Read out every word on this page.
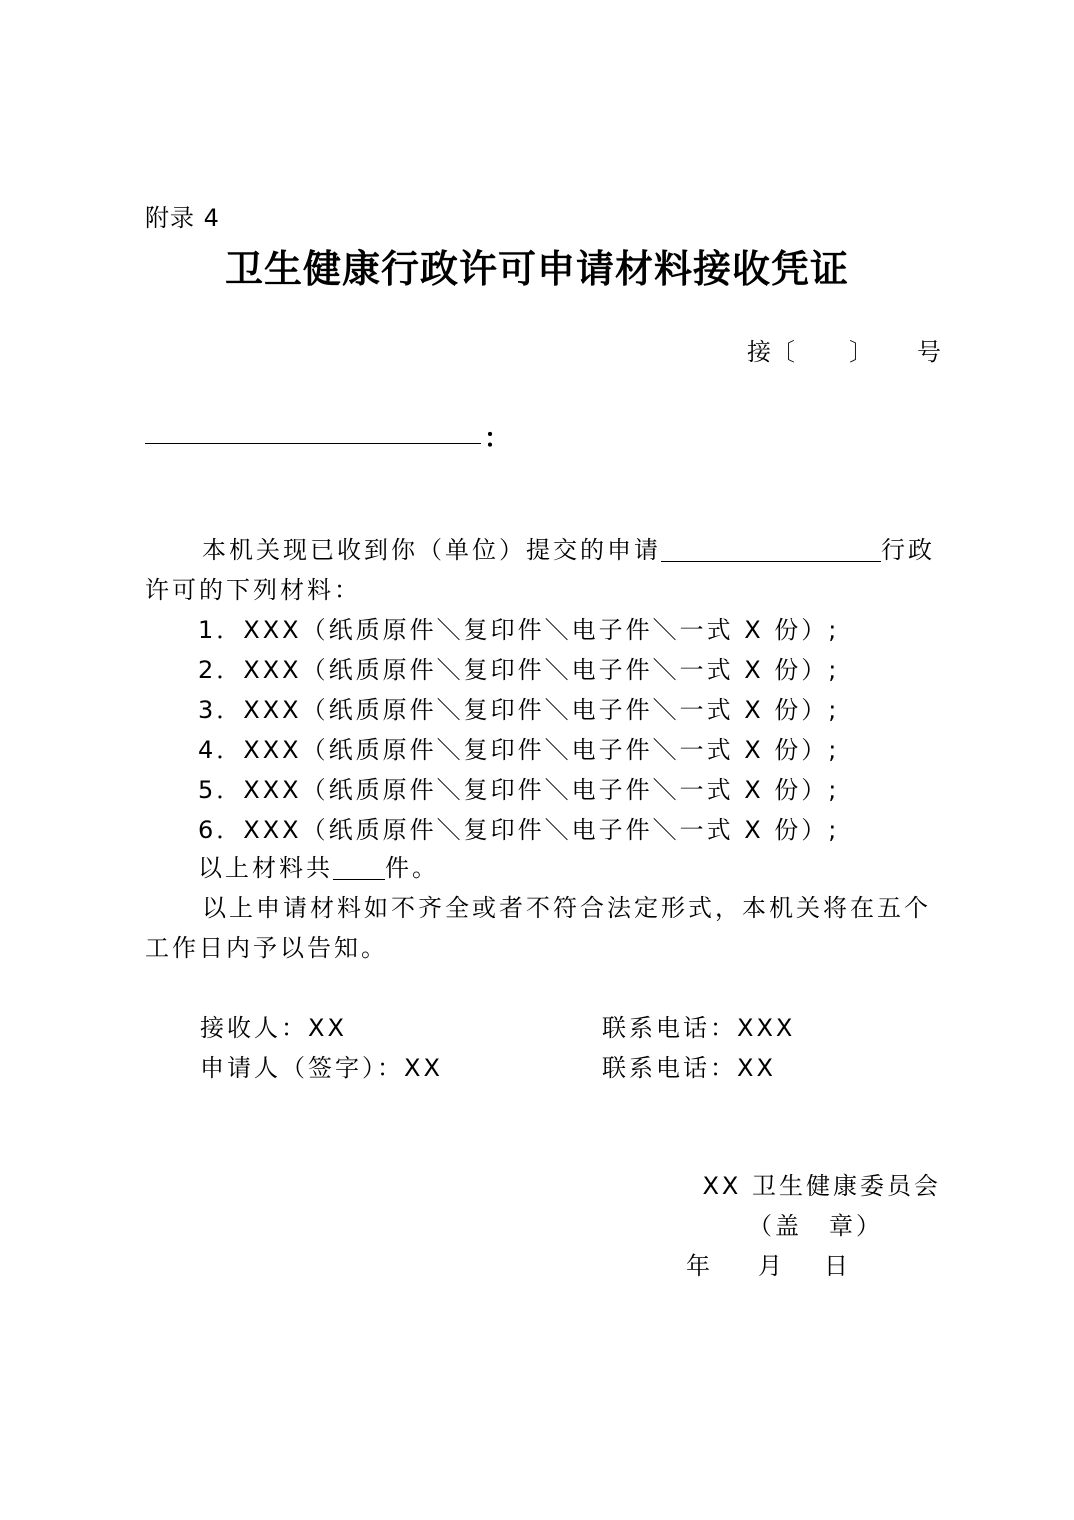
附录 4
卫生健康行政许可申请材料接收凭证
接〔 〕 号
：

本机关现已收到你（单位）提交的申请	行政许可的下列材料：

1．XXX（纸质原件＼复印件＼电子件＼一式 X 份）;
2．XXX（纸质原件＼复印件＼电子件＼一式 X 份）;
3．XXX（纸质原件＼复印件＼电子件＼一式 X 份）;
4．XXX（纸质原件＼复印件＼电子件＼一式 X 份）;
5．XXX（纸质原件＼复印件＼电子件＼一式 X 份）;
6．XXX（纸质原件＼复印件＼电子件＼一式 X 份）;
以上材料共 件。

以上申请材料如不齐全或者不符合法定形式，本机关将在五个工作日内予以告知。

接收人：XX	联系电话：XXX
申请人（签字）：XX	联系电话：XX
XX 卫生健康委员会
（盖　章）
年 月 日
